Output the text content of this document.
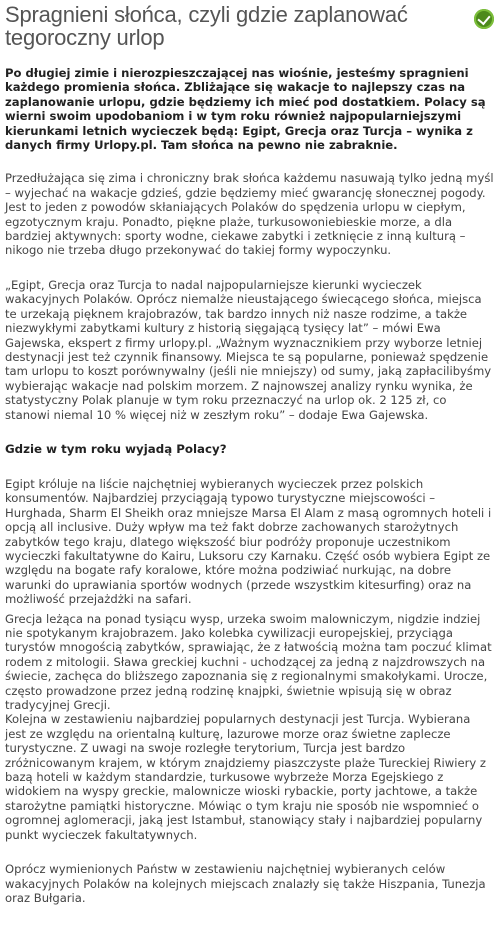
Spragnieni słońca, czyli gdzie zaplanować tegoroczny urlop

Po długiej zimie i nierozpieszczającej nas wiośnie, jesteśmy spragnieni każdego promienia słońca. Zbliżające się wakacje to najlepszy czas na zaplanowanie urlopu, gdzie będziemy ich mieć pod dostatkiem. Polacy są wierni swoim upodobaniom i w tym roku również najpopularniejszymi kierunkami letnich wycieczek będą: Egipt, Grecja oraz Turcja – wynika z danych firmy Urlopy.pl. Tam słońca na pewno nie zabraknie.

Przedłużająca się zima i chroniczny brak słońca każdemu nasuwają tylko jedną myśl – wyjechać na wakacje gdzieś, gdzie będziemy mieć gwarancję słonecznej pogody. Jest to jeden z powodów skłaniających Polaków do spędzenia urlopu w ciepłym, egzotycznym kraju. Ponadto, piękne plaże, turkusowoniebieskie morze, a dla bardziej aktywnych: sporty wodne, ciekawe zabytki i zetknięcie z inną kulturą – nikogo nie trzeba długo przekonywać do takiej formy wypoczynku.

„Egipt, Grecja oraz Turcja to nadal najpopularniejsze kierunki wycieczek wakacyjnych Polaków. Oprócz niemalże nieustającego świecącego słońca, miejsca te urzekają pięknem krajobrazów, tak bardzo innych niż nasze rodzime, a także niezwykłymi zabytkami kultury z historią sięgającą tysięcy lat” – mówi Ewa Gajewska, ekspert z firmy urlopy.pl. „Ważnym wyznacznikiem przy wyborze letniej destynacji jest też czynnik finansowy. Miejsca te są popularne, ponieważ spędzenie tam urlopu to koszt porównywalny (jeśli nie mniejszy) od sumy, jaką zapłacilibyśmy wybierając wakacje nad polskim morzem. Z najnowszej analizy rynku wynika, że statystyczny Polak planuje w tym roku przeznaczyć na urlop ok. 2 125 zł, co stanowi niemal 10 % więcej niż w zeszłym roku” – dodaje Ewa Gajewska.

Gdzie w tym roku wyjadą Polacy?

Egipt króluje na liście najchętniej wybieranych wycieczek przez polskich konsumentów. Najbardziej przyciągają typowo turystyczne miejscowości – Hurghada, Sharm El Sheikh oraz mniejsze Marsa El Alam z masą ogromnych hoteli i opcją all inclusive. Duży wpływ ma też fakt dobrze zachowanych starożytnych zabytków tego kraju, dlatego większość biur podróży proponuje uczestnikom wycieczki fakultatywne do Kairu, Luksoru czy Karnaku. Część osób wybiera Egipt ze względu na bogate rafy koralowe, które można podziwiać nurkując, na dobre warunki do uprawiania sportów wodnych (przede wszystkim kitesurfing) oraz na możliwość przejażdżki na safari.

Grecja leżąca na ponad tysiącu wysp, urzeka swoim malowniczym, nigdzie indziej nie spotykanym krajobrazem. Jako kolebka cywilizacji europejskiej, przyciąga turystów mnogością zabytków, sprawiając, że z łatwością można tam poczuć klimat rodem z mitologii. Sława greckiej kuchni - uchodzącej za jedną z najzdrowszych na świecie, zachęca do bliższego zapoznania się z regionalnymi smakołykami. Urocze, często prowadzone przez jedną rodzinę knajpki, świetnie wpisują się w obraz tradycyjnej Grecji.

Kolejna w zestawieniu najbardziej popularnych destynacji jest Turcja. Wybierana jest ze względu na orientalną kulturę, lazurowe morze oraz świetne zaplecze turystyczne. Z uwagi na swoje rozległe terytorium, Turcja jest bardzo zróżnicowanym krajem, w którym znajdziemy piaszczyste plaże Tureckiej Riwiery z bazą hoteli w każdym standardzie, turkusowe wybrzeże Morza Egejskiego z widokiem na wyspy greckie, malownicze wioski rybackie, porty jachtowe, a także starożytne pamiątki historyczne. Mówiąc o tym kraju nie sposób nie wspomnieć o ogromnej aglomeracji, jaką jest Istambuł, stanowiący stały i najbardziej popularny punkt wycieczek fakultatywnych.

Oprócz wymienionych Państw w zestawieniu najchętniej wybieranych celów wakacyjnych Polaków na kolejnych miejscach znalazły się także Hiszpania, Tunezja oraz Bułgaria.
